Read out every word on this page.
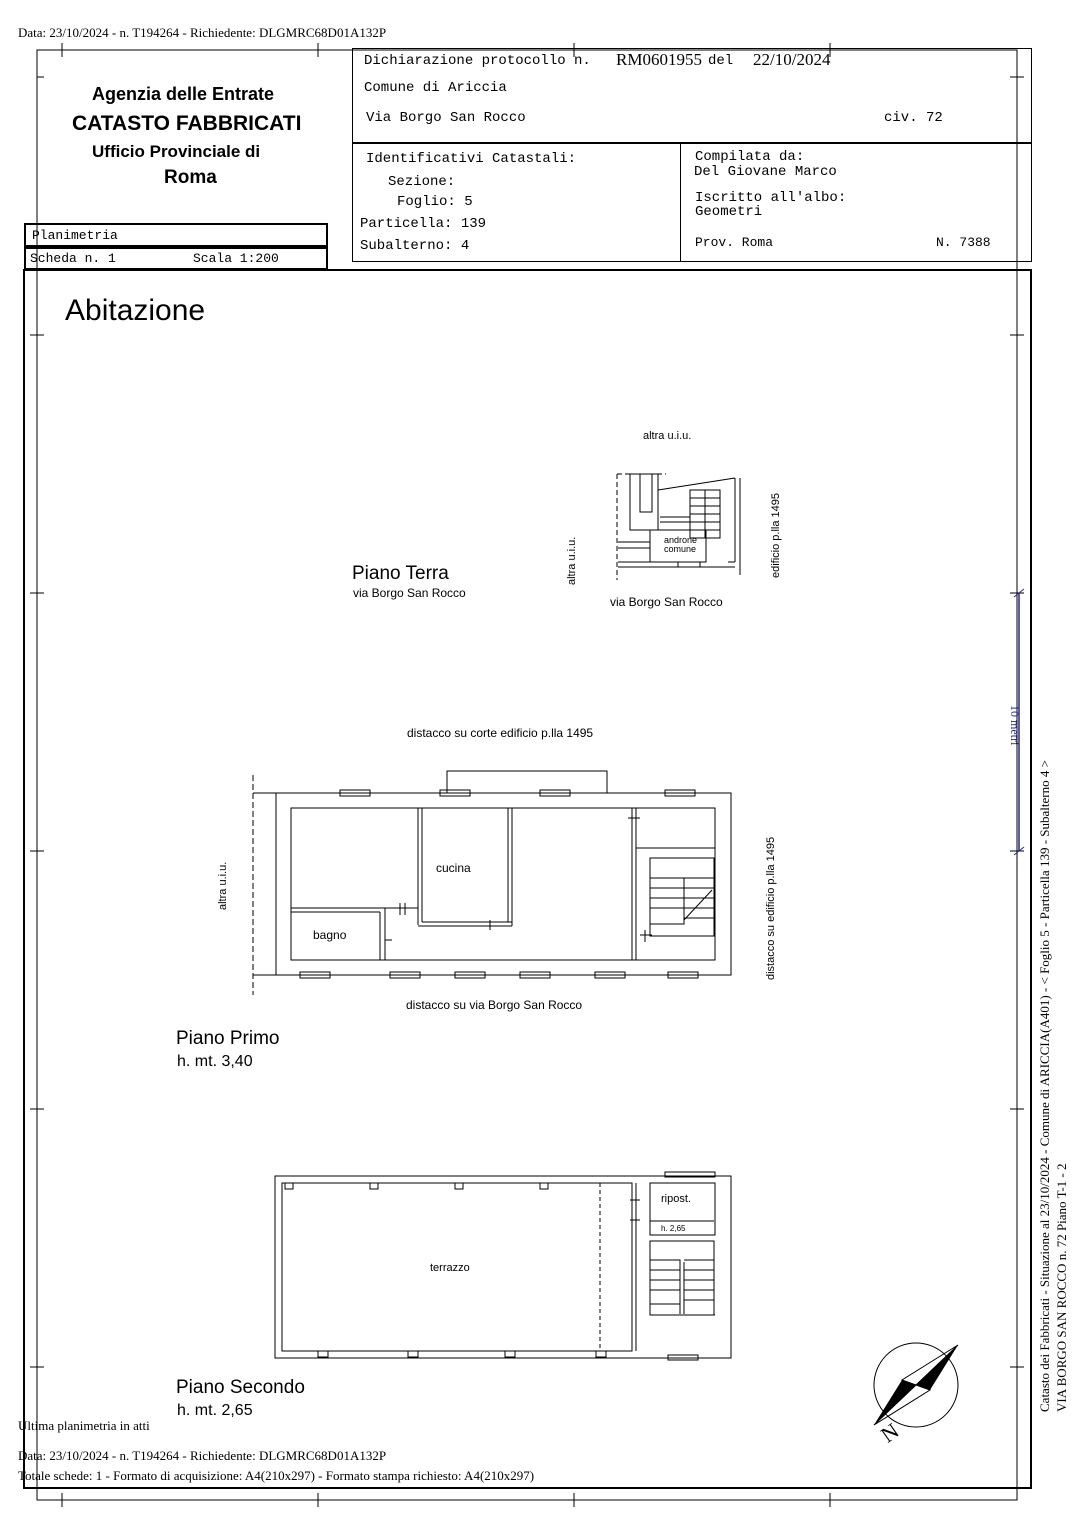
Data: 23/10/2024 - n. T194264 - Richiedente: DLGMRC68D01A132P
Agenzia delle Entrate
CATASTO FABBRICATI
Ufficio Provinciale di
Roma
Planimetria
Scheda n. 1	Scala 1:200
Dichiarazione protocollo n. RM0601955 del 22/10/2024
Comune di Ariccia
Via Borgo San Rocco	civ. 72
Identificativi Catastali:
Sezione:
Foglio: 5
Particella: 139
Subalterno: 4
Compilata da:
Del Giovane Marco
Iscritto all'albo:
Geometri
Prov. Roma	N. 7388
Abitazione
altra u.i.u.
altra u.i.u.	edificio p.lla 1495
androne
comune
via Borgo San Rocco
Piano Terra
via Borgo San Rocco
distacco su corte edificio p.lla 1495
distacco su via Borgo San Rocco
distacco su edificio p.lla 1495
altra u.i.u.	cucina
bagno
Piano Primo
h. mt. 3,40
terrazzo
ripost.
h. 2,65
Piano Secondo
h. mt. 2,65
N
10 metri
Catasto dei Fabbricati - Situazione al 23/10/2024 - Comune di ARICCIA(A401) - < Foglio 5 - Particella 139 - Subalterno 4 > VIA BORGO SAN ROCCO n. 72 Piano T-1 - 2
Ultima planimetria in atti
Data: 23/10/2024 - n. T194264 - Richiedente: DLGMRC68D01A132P
Totale schede: 1 - Formato di acquisizione: A4(210x297) - Formato stampa richiesto: A4(210x297)
